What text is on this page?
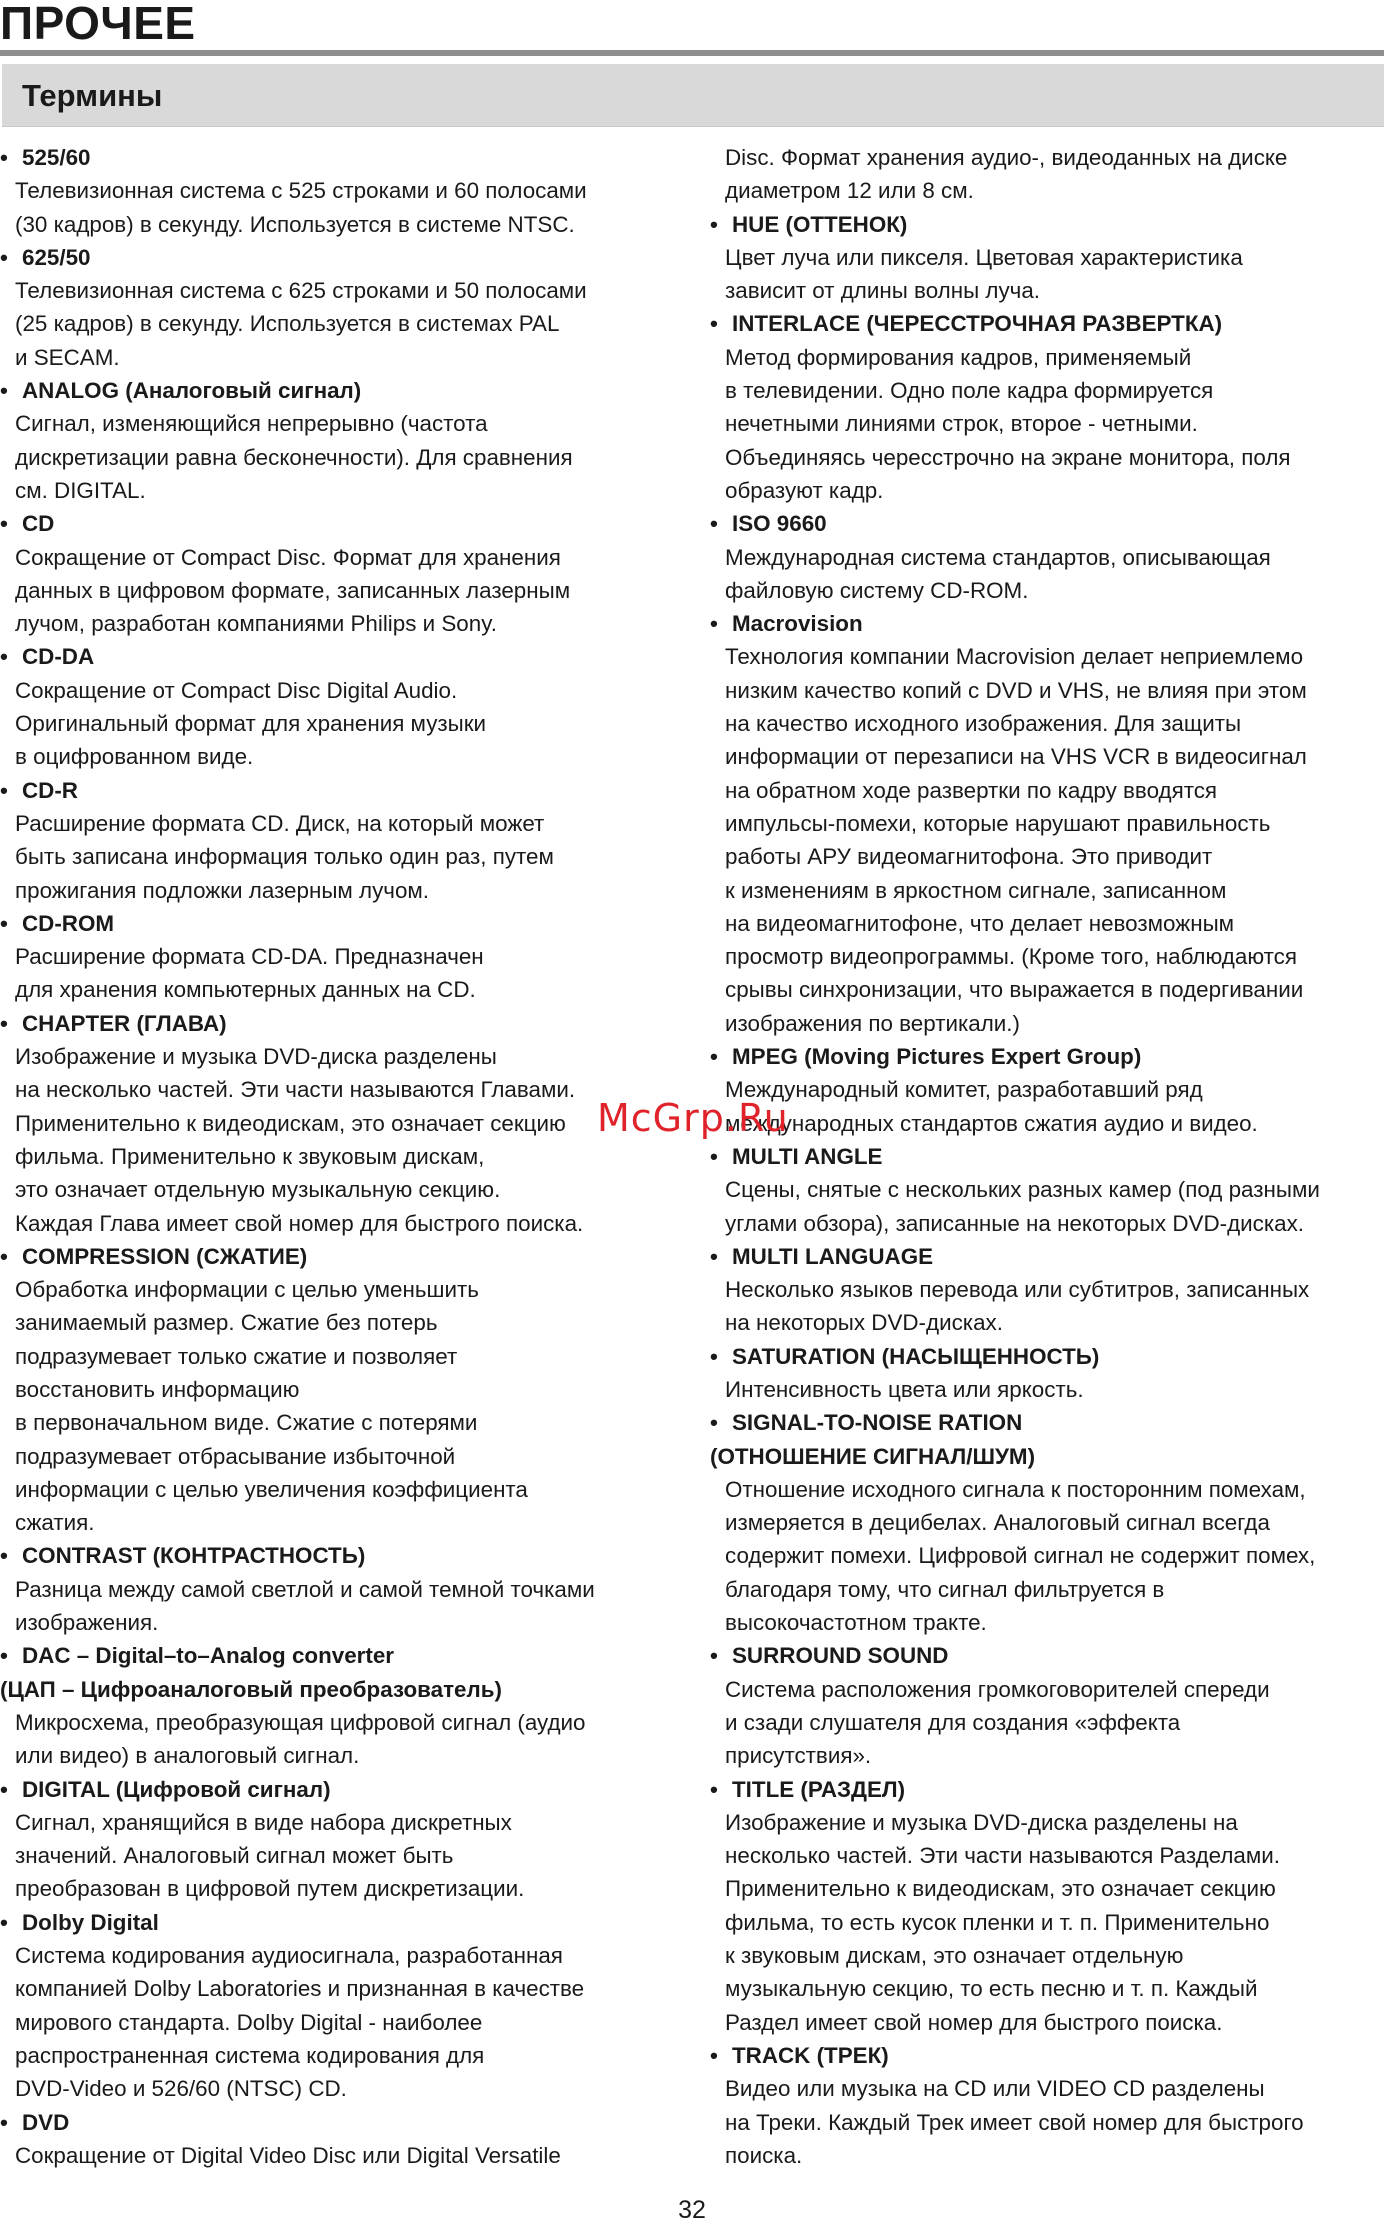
ПРОЧЕЕ
Термины
• 525/60
Телевизионная система с 525 строками и 60 полосами
(30 кадров) в секунду. Используется в системе NTSC.
• 625/50
Телевизионная система с 625 строками и 50 полосами
(25 кадров) в секунду. Используется в системах PAL
и SECAM.
• ANALOG (Аналоговый сигнал)
Сигнал, изменяющийся непрерывно (частота
дискретизации равна бесконечности). Для сравнения
см. DIGITAL.
• CD
Сокращение от Compact Disc. Формат для хранения
данных в цифровом формате, записанных лазерным
лучом, разработан компаниями Philips и Sony.
• CD-DA
Сокращение от Compact Disc Digital Audio.
Оригинальный формат для хранения музыки
в оцифрованном виде.
• CD-R
Расширение формата CD. Диск, на который может
быть записана информация только один раз, путем
прожигания подложки лазерным лучом.
• CD-ROM
Расширение формата CD-DA. Предназначен
для хранения компьютерных данных на CD.
• CHAPTER (ГЛАВА)
Изображение и музыка DVD-диска разделены
на несколько частей. Эти части называются Главами.
Применительно к видеодискам, это означает секцию
фильма. Применительно к звуковым дискам,
это означает отдельную музыкальную секцию.
Каждая Глава имеет свой номер для быстрого поиска.
• COMPRESSION (СЖАТИЕ)
Обработка информации с целью уменьшить
занимаемый размер. Сжатие без потерь
подразумевает только сжатие и позволяет
восстановить информацию
в первоначальном виде. Сжатие с потерями
подразумевает отбрасывание избыточной
информации с целью увеличения коэффициента
сжатия.
• CONTRAST (КОНТРАСТНОСТЬ)
Разница между самой светлой и самой темной точками
изображения.
• DAC – Digital–to–Analog converter
(ЦАП – Цифроаналоговый преобразователь)
Микросхема, преобразующая цифровой сигнал (аудио
или видео) в аналоговый сигнал.
• DIGITAL (Цифровой сигнал)
Сигнал, хранящийся в виде набора дискретных
значений. Аналоговый сигнал может быть
преобразован в цифровой путем дискретизации.
• Dolby Digital
Система кодирования аудиосигнала, разработанная
компанией Dolby Laboratories и признанная в качестве
мирового стандарта. Dolby Digital - наиболее
распространенная система кодирования для
DVD-Video и 526/60 (NTSC) CD.
• DVD
Сокращение от Digital Video Disc или Digital Versatile
Disc. Формат хранения аудио-, видеоданных на диске
диаметром 12 или 8 см.
• HUE (ОТТЕНОК)
Цвет луча или пикселя. Цветовая характеристика
зависит от длины волны луча.
• INTERLACE (ЧЕРЕССТРОЧНАЯ РАЗВЕРТКА)
Метод формирования кадров, применяемый
в телевидении. Одно поле кадра формируется
нечетными линиями строк, второе - четными.
Объединяясь чересстрочно на экране монитора, поля
образуют кадр.
• ISO 9660
Международная система стандартов, описывающая
файловую систему CD-ROM.
• Macrovision
Технология компании Macrovision делает неприемлемо
низким качество копий с DVD и VHS, не влияя при этом
на качество исходного изображения. Для защиты
информации от перезаписи на VHS VCR в видеосигнал
на обратном ходе развертки по кадру вводятся
импульсы-помехи, которые нарушают правильность
работы АРУ видеомагнитофона. Это приводит
к изменениям в яркостном сигнале, записанном
на видеомагнитофоне, что делает невозможным
просмотр видеопрограммы. (Кроме того, наблюдаются
срывы синхронизации, что выражается в подергивании
изображения по вертикали.)
• MPEG (Moving Pictures Expert Group)
Международный комитет, разработавший ряд
международных стандартов сжатия аудио и видео.
• MULTI ANGLE
Сцены, снятые с нескольких разных камер (под разными
углами обзора), записанные на некоторых DVD-дисках.
• MULTI LANGUAGE
Несколько языков перевода или субтитров, записанных
на некоторых DVD-дисках.
• SATURATION (НАСЫЩЕННОСТЬ)
Интенсивность цвета или яркость.
• SIGNAL-TO-NOISE RATION
(ОТНОШЕНИЕ СИГНАЛ/ШУМ)
Отношение исходного сигнала к посторонним помехам,
измеряется в децибелах. Аналоговый сигнал всегда
содержит помехи. Цифровой сигнал не содержит помех,
благодаря тому, что сигнал фильтруется в
высокочастотном тракте.
• SURROUND SOUND
Система расположения громкоговорителей спереди
и сзади слушателя для создания «эффекта
присутствия».
• TITLE (РАЗДЕЛ)
Изображение и музыка DVD-диска разделены на
несколько частей. Эти части называются Разделами.
Применительно к видеодискам, это означает секцию
фильма, то есть кусок пленки и т. п. Применительно
к звуковым дискам, это означает отдельную
музыкальную секцию, то есть песню и т. п. Каждый
Раздел имеет свой номер для быстрого поиска.
• TRACK (ТРЕК)
Видео или музыка на CD или VIDEO CD разделены
на Треки. Каждый Трек имеет свой номер для быстрого
поиска.
McGrp.Ru
32
